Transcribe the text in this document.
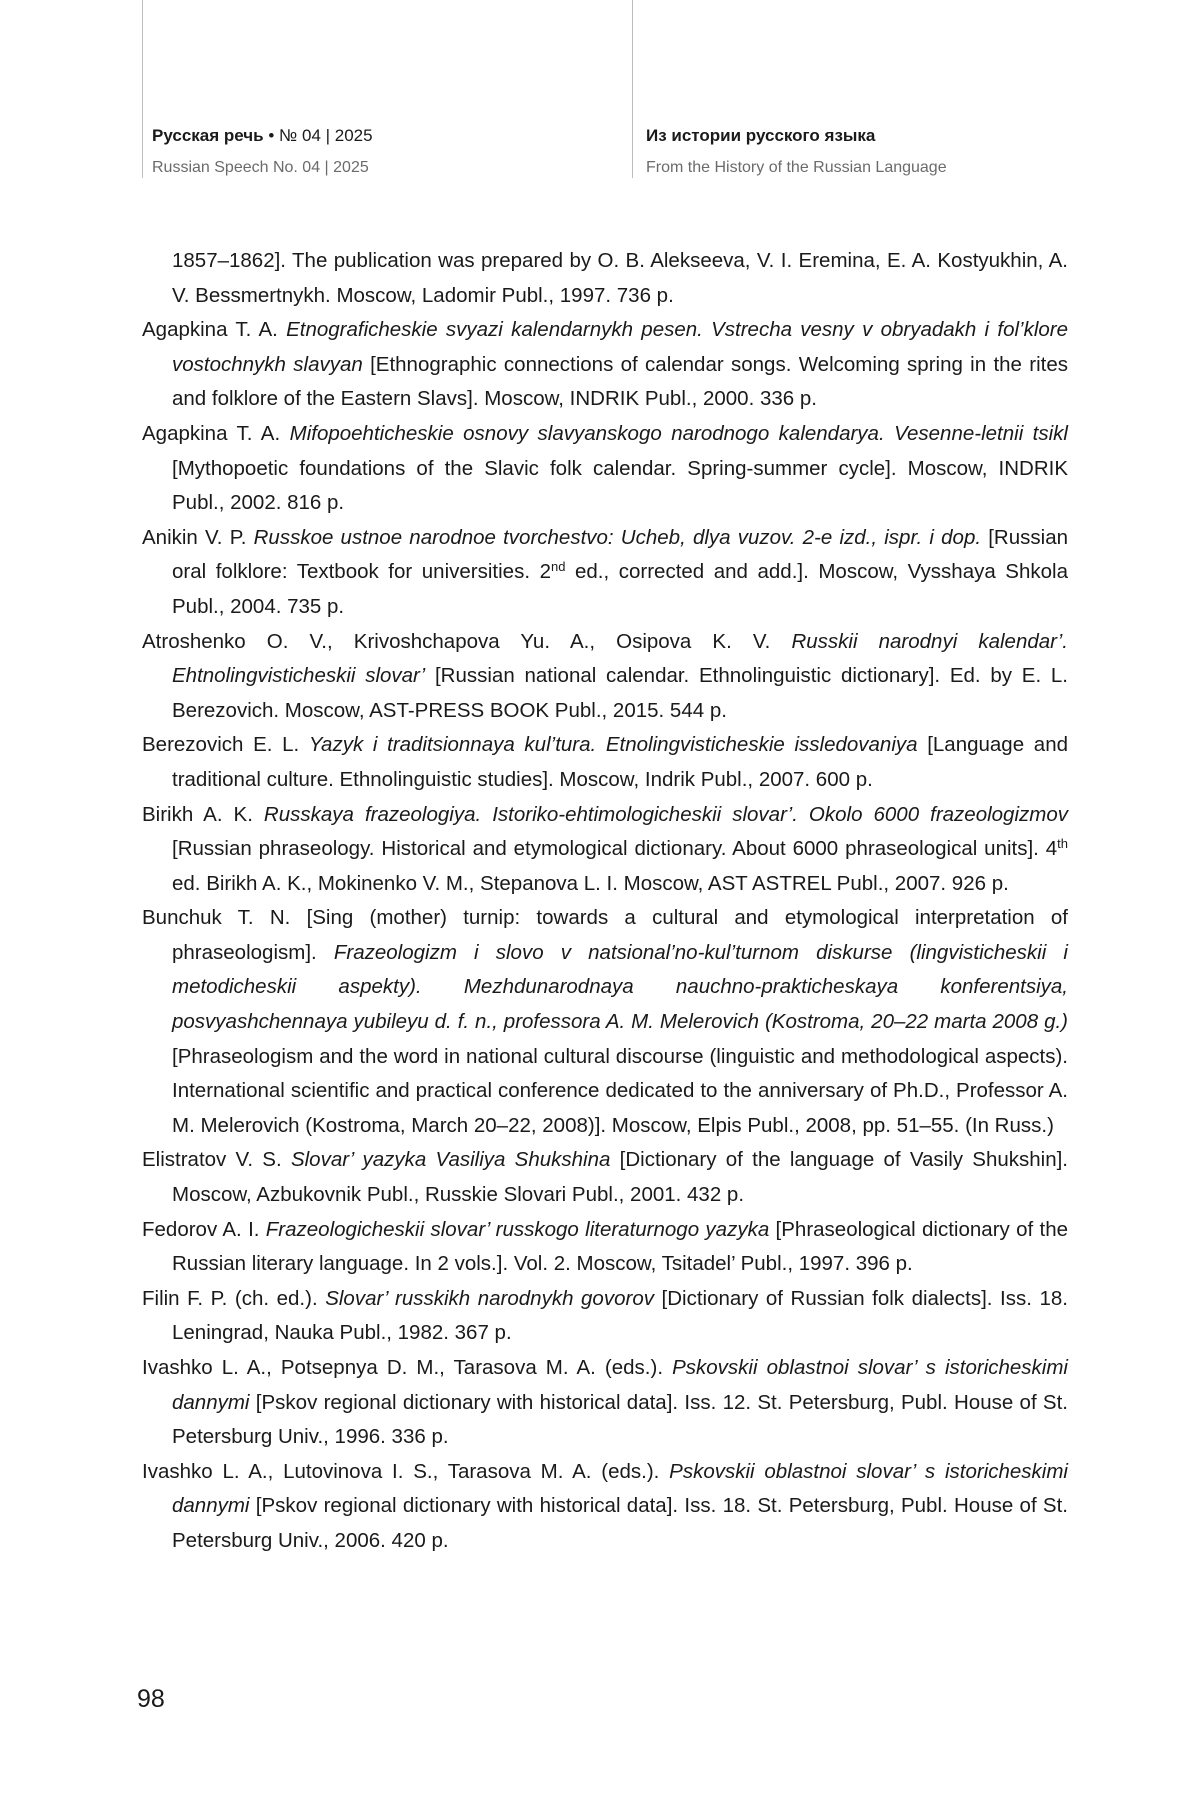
Русская речь • № 04 | 2025
Russian Speech No. 04 | 2025
Из истории русского языка
From the History of the Russian Language

1857–1862]. The publication was prepared by O. B. Alekseeva, V. I. Eremina, E. A. Kostyukhin, A. V. Bessmertnykh. Moscow, Ladomir Publ., 1997. 736 p.

Agapkina T. A. Etnograficheskie svyazi kalendarnykh pesen. Vstrecha vesny v obryadakh i fol’klore vostochnykh slavyan [Ethnographic connections of calendar songs. Welcoming spring in the rites and folklore of the Eastern Slavs]. Moscow, INDRIK Publ., 2000. 336 p.

Agapkina T. A. Mifopoehticheskie osnovy slavyanskogo narodnogo kalendarya. Vesenne-letnii tsikl [Mythopoetic foundations of the Slavic folk calendar. Spring-summer cycle]. Moscow, INDRIK Publ., 2002. 816 p.

Anikin V. P. Russkoe ustnoe narodnoe tvorchestvo: Ucheb, dlya vuzov. 2-e izd., ispr. i dop. [Russian oral folklore: Textbook for universities. 2nd ed., corrected and add.]. Moscow, Vysshaya Shkola Publ., 2004. 735 p.

Atroshenko O. V., Krivoshchapova Yu. A., Osipova K. V. Russkii narodnyi kalendar’. Ehtnolingvisticheskii slovar’ [Russian national calendar. Ethnolinguistic dictionary]. Ed. by E. L. Berezovich. Moscow, AST-PRESS BOOK Publ., 2015. 544 p.

Berezovich E. L. Yazyk i traditsionnaya kul’tura. Etnolingvisticheskie issledovaniya [Language and traditional culture. Ethnolinguistic studies]. Moscow, Indrik Publ., 2007. 600 p.

Birikh A. K. Russkaya frazeologiya. Istoriko-ehtimologicheskii slovar’. Okolo 6000 frazeologizmov [Russian phraseology. Historical and etymological dictionary. About 6000 phraseological units]. 4th ed. Birikh A. K., Mokinenko V. M., Stepanova L. I. Moscow, AST ASTREL Publ., 2007. 926 p.

Bunchuk T. N. [Sing (mother) turnip: towards a cultural and etymological interpretation of phraseologism]. Frazeologizm i slovo v natsional’no-kul’turnom diskurse (lingvisticheskii i metodicheskii aspekty). Mezhdunarodnaya nauchno-prakticheskaya konferentsiya, posvyashchennaya yubileyu d. f. n., professora A. M. Melerovich (Kostroma, 20–22 marta 2008 g.) [Phraseologism and the word in national cultural discourse (linguistic and methodological aspects). International scientific and practical conference dedicated to the anniversary of Ph.D., Professor A. M. Melerovich (Kostroma, March 20–22, 2008)]. Moscow, Elpis Publ., 2008, pp. 51–55. (In Russ.)

Elistratov V. S. Slovar’ yazyka Vasiliya Shukshina [Dictionary of the language of Vasily Shukshin]. Moscow, Azbukovnik Publ., Russkie Slovari Publ., 2001. 432 p.

Fedorov A. I. Frazeologicheskii slovar’ russkogo literaturnogo yazyka [Phraseological dictionary of the Russian literary language. In 2 vols.]. Vol. 2. Moscow, Tsitadel’ Publ., 1997. 396 p.

Filin F. P. (ch. ed.). Slovar’ russkikh narodnykh govorov [Dictionary of Russian folk dialects]. Iss. 18. Leningrad, Nauka Publ., 1982. 367 p.

Ivashko L. A., Potsepnya D. M., Tarasova M. A. (eds.). Pskovskii oblastnoi slovar’ s istoricheskimi dannymi [Pskov regional dictionary with historical data]. Iss. 12. St. Petersburg, Publ. House of St. Petersburg Univ., 1996. 336 p.

Ivashko L. A., Lutovinova I. S., Tarasova M. A. (eds.). Pskovskii oblastnoi slovar’ s istoricheskimi dannymi [Pskov regional dictionary with historical data]. Iss. 18. St. Petersburg, Publ. House of St. Petersburg Univ., 2006. 420 p.

98
